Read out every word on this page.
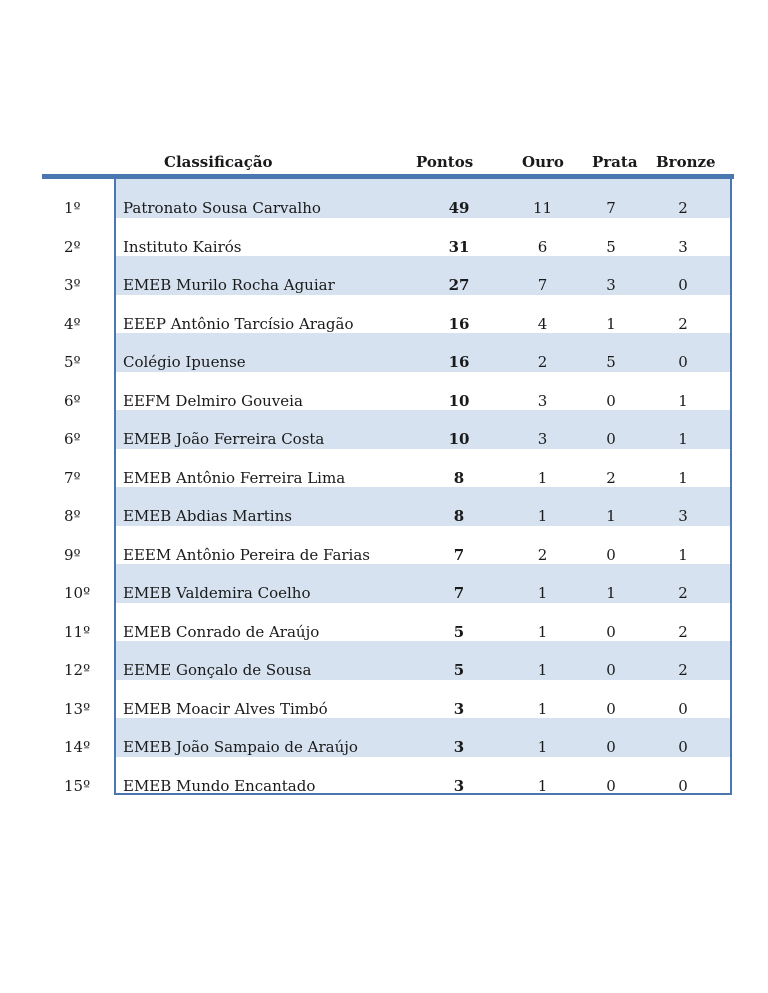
Classificação	Pontos	Ouro Prata Bronze
1º	Patronato Sousa Carvalho	49	11	7	2
2º	Instituto Kairós	31	6	5	3
3º	EMEB Murilo Rocha Aguiar	27	7	3	0
4º	EEEP Antônio Tarcísio Aragão	16	4	1	2
5º	Colégio Ipuense	16	2	5	0
6º	EEFM Delmiro Gouveia	10	3	0	1
6º	EMEB João Ferreira Costa	10	3	0	1
7º	EMEB Antônio Ferreira Lima	8	1	2	1
8º	EMEB Abdias Martins	8	1	1	3
9º	EEEM Antônio Pereira de Farias	7	2	0	1
10º EMEB Valdemira Coelho	7	1	1	2
11º EMEB Conrado de Araújo	5	1	0	2
12º EEME Gonçalo de Sousa	5	1	0	2
13º EMEB Moacir Alves Timbó	3	1	0	0
14º EMEB João Sampaio de Araújo	3	1	0	0
15º EMEB Mundo Encantado	3	1	0	0
